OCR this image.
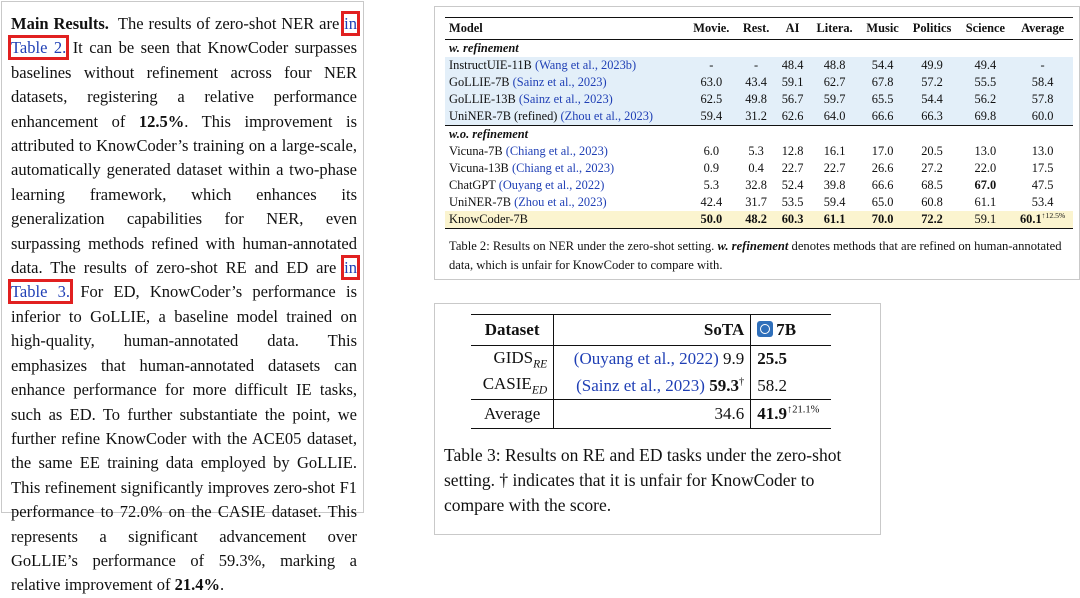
Main Results. The results of zero-shot NER are in Table 2. It can be seen that KnowCoder surpasses baselines without refinement across four NER datasets, registering a relative performance enhancement of 12.5%. This improvement is attributed to KnowCoder’s training on a large-scale, automatically generated dataset within a two-phase learning framework, which enhances its generalization capabilities for NER, even surpassing methods refined with human-annotated data. The results of zero-shot RE and ED are in Table 3. For ED, KnowCoder’s performance is inferior to GoLLIE, a baseline model trained on high-quality, human-annotated data. This emphasizes that human-annotated datasets can enhance performance for more difficult IE tasks, such as ED. To further substantiate the point, we further refine KnowCoder with the ACE05 dataset, the same EE training data employed by GoLLIE. This refinement significantly improves zero-shot F1 performance to 72.0% on the CASIE dataset. This represents a significant advancement over GoLLIE’s performance of 59.3%, marking a relative improvement of 21.4%.

Model	Movie.	Rest.	AI	Litera.	Music	Politics	Science	Average
w. refinement								
InstructUIE-11B (Wang et al., 2023b)	-	-	48.4	48.8	54.4	49.9	49.4	-
GoLLIE-7B (Sainz et al., 2023)	63.0	43.4	59.1	62.7	67.8	57.2	55.5	58.4
GoLLIE-13B (Sainz et al., 2023)	62.5	49.8	56.7	59.7	65.5	54.4	56.2	57.8
UniNER-7B (refined) (Zhou et al., 2023)	59.4	31.2	62.6	64.0	66.6	66.3	69.8	60.0
w.o. refinement								
Vicuna-7B (Chiang et al., 2023)	6.0	5.3	12.8	16.1	17.0	20.5	13.0	13.0
Vicuna-13B (Chiang et al., 2023)	0.9	0.4	22.7	22.7	26.6	27.2	22.0	17.5
ChatGPT (Ouyang et al., 2022)	5.3	32.8	52.4	39.8	66.6	68.5	67.0	47.5
UniNER-7B (Zhou et al., 2023)	42.4	31.7	53.5	59.4	65.0	60.8	61.1	53.4
KnowCoder-7B	50.0	48.2	60.3	61.1	70.0	72.2	59.1	$60.1^{↑12.5\%}$
Table 2: Results on NER under the zero-shot setting. w. refinement denotes methods that are refined on human-annotated data, which is unfair for KnowCoder to compare with.
Dataset	SoTA	7B
$GIDS_{RE}$	(Ouyang et al., 2022) 9.9	25.5
$CASIE_{ED}$	(Sainz et al., 2023) 59.3†	58.2
Average	34.6	$41.9^{↑21.1\%}$
Table 3: Results on RE and ED tasks under the zero-shot setting. † indicates that it is unfair for KnowCoder to compare with the score.
